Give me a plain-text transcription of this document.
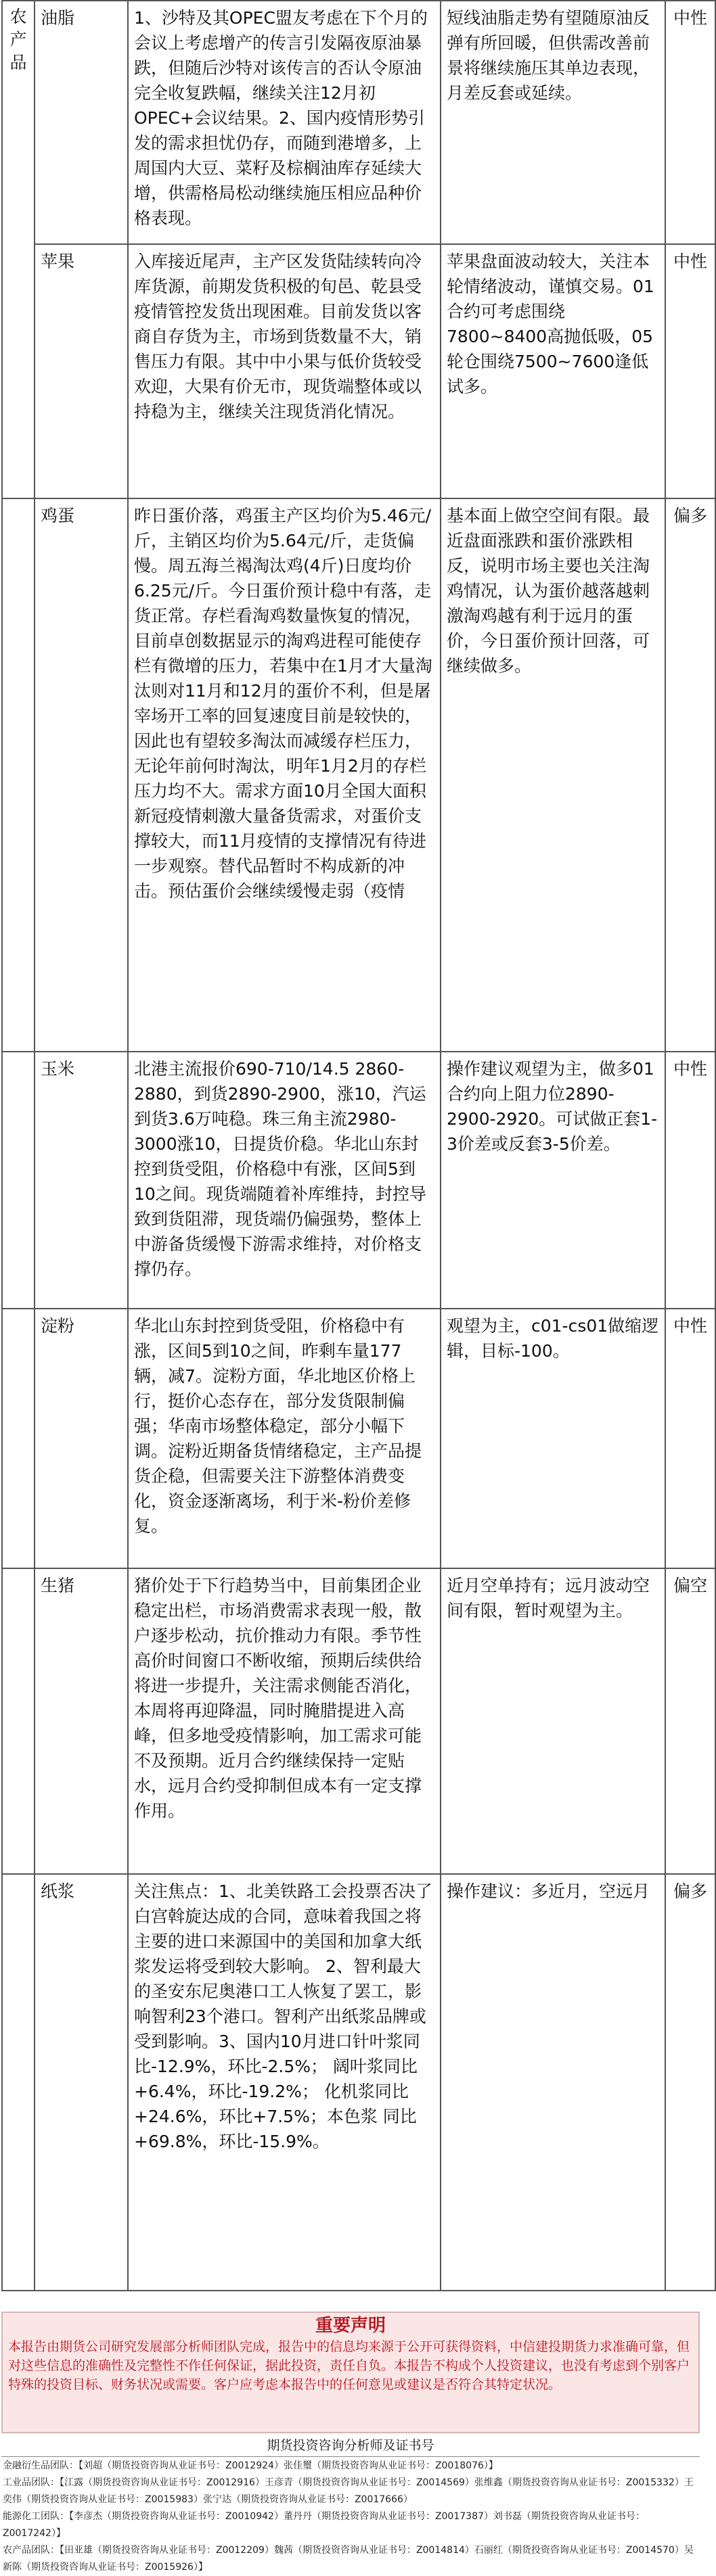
农产品	油脂	1、沙特及其OPEC盟友考虑在下个月的会议上考虑增产的传言引发隔夜原油暴跌，但随后沙特对该传言的否认令原油完全收复跌幅，继续关注12月初OPEC+会议结果。2、国内疫情形势引发的需求担忧仍存，而随到港增多，上周国内大豆、菜籽及棕榈油库存延续大增，供需格局松动继续施压相应品种价格表现。	短线油脂走势有望随原油反弹有所回暖，但供需改善前景将继续施压其单边表现，月差反套或延续。	中性
	苹果	入库接近尾声，主产区发货陆续转向冷库货源，前期发货积极的旬邑、乾县受疫情管控发货出现困难。目前发货以客商自存货为主，市场到货数量不大，销售压力有限。其中中小果与低价货较受欢迎，大果有价无市，现货端整体或以持稳为主，继续关注现货消化情况。	苹果盘面波动较大，关注本轮情绪波动，谨慎交易。01合约可考虑围绕7800~8400高抛低吸，05轮仓围绕7500~7600逢低试多。	中性
	鸡蛋	昨日蛋价落，鸡蛋主产区均价为5.46元/斤，主销区均价为5.64元/斤，走货偏慢。周五海兰褐淘汰鸡(4斤)日度均价6.25元/斤。今日蛋价预计稳中有落，走货正常。存栏看淘鸡数量恢复的情况，目前卓创数据显示的淘鸡进程可能使存栏有微增的压力，若集中在1月才大量淘汰则对11月和12月的蛋价不利，但是屠宰场开工率的回复速度目前是较快的，因此也有望较多淘汰而减缓存栏压力，无论年前何时淘汰，明年1月2月的存栏压力均不大。需求方面10月全国大面积新冠疫情刺激大量备货需求，对蛋价支撑较大，而11月疫情的支撑情况有待进一步观察。替代品暂时不构成新的冲击。预估蛋价会继续缓慢走弱（疫情	基本面上做空空间有限。最近盘面涨跌和蛋价涨跌相反，说明市场主要也关注淘鸡情况，认为蛋价越落越刺激淘鸡越有利于远月的蛋价，今日蛋价预计回落，可继续做多。	偏多
	玉米	北港主流报价690-710/14.5 2860-2880，到货2890-2900，涨10，汽运到货3.6万吨稳。珠三角主流2980-3000涨10，日提货价稳。华北山东封控到货受阻，价格稳中有涨，区间5到10之间。现货端随着补库维持，封控导致到货阻滞，现货端仍偏强势，整体上中游备货缓慢下游需求维持，对价格支撑仍存。	操作建议观望为主，做多01合约向上阻力位2890-2900-2920。可试做正套1-3价差或反套3-5价差。	中性
	淀粉	华北山东封控到货受阻，价格稳中有涨，区间5到10之间，昨剩车量177辆，减7。淀粉方面，华北地区价格上行，挺价心态存在，部分发货限制偏强；华南市场整体稳定，部分小幅下调。淀粉近期备货情绪稳定，主产品提货企稳，但需要关注下游整体消费变化，资金逐渐离场，利于米-粉价差修复。	观望为主，c01-cs01做缩逻辑，目标-100。	中性
	生猪	猪价处于下行趋势当中，目前集团企业稳定出栏，市场消费需求表现一般，散户逐步松动，抗价推动力有限。季节性高价时间窗口不断收缩，预期后续供给将进一步提升，关注需求侧能否消化，本周将再迎降温，同时腌腊提进入高峰，但多地受疫情影响，加工需求可能不及预期。近月合约继续保持一定贴水，远月合约受抑制但成本有一定支撑作用。	近月空单持有；远月波动空间有限，暂时观望为主。	偏空
	纸浆	关注焦点：1、北美铁路工会投票否决了白宫斡旋达成的合同，意味着我国之将主要的进口来源国中的美国和加拿大纸浆发运将受到较大影响。 2、智利最大的圣安东尼奥港口工人恢复了罢工，影响智利23个港口。智利产出纸浆品牌或受到影响。3、国内10月进口针叶浆同比-12.9%，环比-2.5%； 阔叶浆同比+6.4%，环比-19.2%； 化机浆同比+24.6%，环比+7.5%；本色浆 同比+69.8%，环比-15.9%。	操作建议：多近月，空远月	偏多
重要声明
本报告由期货公司研究发展部分析师团队完成，报告中的信息均来源于公开可获得资料，中信建投期货力求准确可靠，但对这些信息的准确性及完整性不作任何保证，据此投资，责任自负。本报告不构成个人投资建议，也没有考虑到个别客户特殊的投资目标、财务状况或需要。客户应考虑本报告中的任何意见或建议是否符合其特定状况。
期货投资咨询分析师及证书号
金融衍生品团队：【刘超（期货投资咨询从业证书号：Z0012924）张佳璽（期货投资咨询从业证书号：Z0018076）】
工业品团队：【江露（期货投资咨询从业证书号：Z0012916）王彦青（期货投资咨询从业证书号：Z0014569）张维鑫（期货投资咨询从业证书号：Z0015332）王奕伟（期货投资咨询从业证书号：Z0015983）张宁达（期货投资咨询从业证书号：Z0017666）
能源化工团队：【李彦杰（期货投资咨询从业证书号：Z0010942）董丹丹（期货投资咨询从业证书号：Z0017387）刘书磊（期货投资咨询从业证书号：Z0017242）】
农产品团队：【田亚雄（期货投资咨询从业证书号：Z0012209）魏茜（期货投资咨询从业证书号：Z0014814）石丽红（期货投资咨询从业证书号：Z0014570）吴新陈（期货投资咨询从业证书号：Z0015926）】
